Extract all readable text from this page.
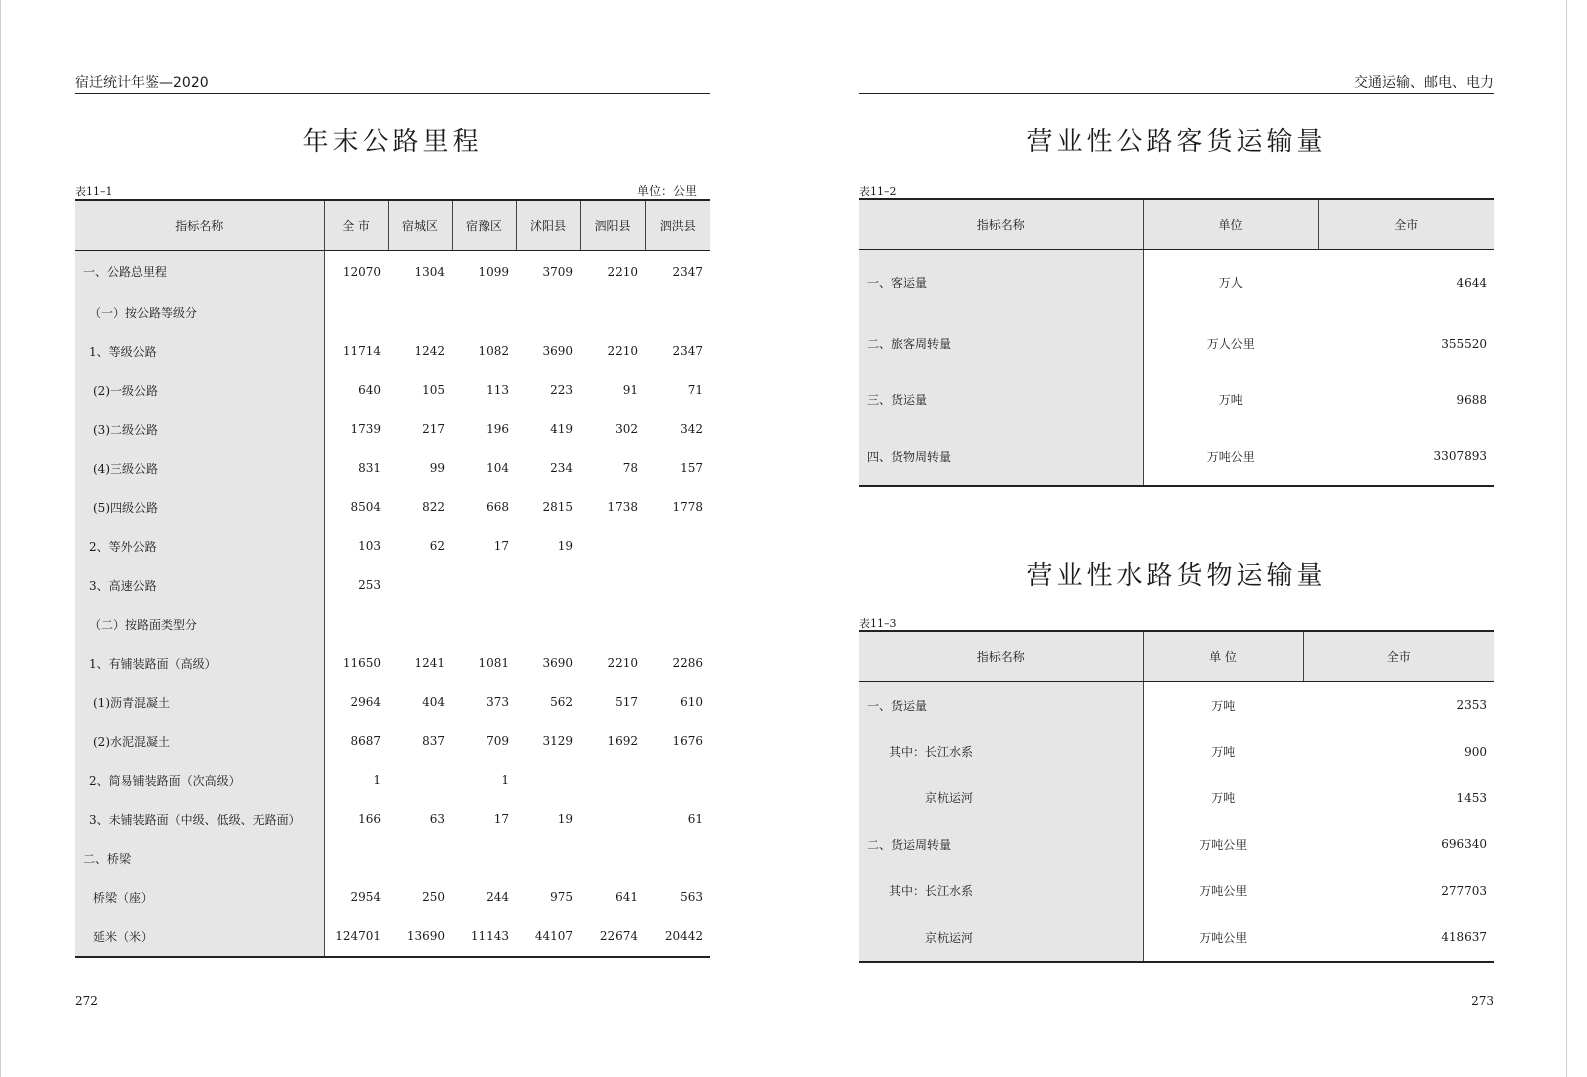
宿迁统计年鉴—2020
年末公路里程
表11–1	单位：公里
指标名称	全 市	宿城区	宿豫区	沭阳县	泗阳县	泗洪县
一、公路总里程	12070	1304	1099	3709	2210	2347
（一）按公路等级分						
1、等级公路	11714	1242	1082	3690	2210	2347
(2)一级公路	640	105	113	223	91	71
(3)二级公路	1739	217	196	419	302	342
(4)三级公路	831	99	104	234	78	157
(5)四级公路	8504	822	668	2815	1738	1778
2、等外公路	103	62	17	19		
3、高速公路	253					
（二）按路面类型分						
1、有铺装路面（高级）	11650	1241	1081	3690	2210	2286
(1)沥青混凝土	2964	404	373	562	517	610
(2)水泥混凝土	8687	837	709	3129	1692	1676
2、简易铺装路面（次高级）	1		1			
3、未铺装路面（中级、低级、无路面）	166	63	17	19		61
二、桥梁						
桥梁（座）	2954	250	244	975	641	563
延米（米）	124701	13690	11143	44107	22674	20442
272
交通运输、邮电、电力
营业性公路客货运输量
表11–2
指标名称	单位	全市
一、客运量	万人	4644
二、旅客周转量	万人公里	355520
三、货运量	万吨	9688
四、货物周转量	万吨公里	3307893
营业性水路货物运输量
表11–3
指标名称	单 位	全市
一、货运量	万吨	2353
其中：长江水系	万吨	900
京杭运河	万吨	1453
二、货运周转量	万吨公里	696340
其中：长江水系	万吨公里	277703
京杭运河	万吨公里	418637
273
